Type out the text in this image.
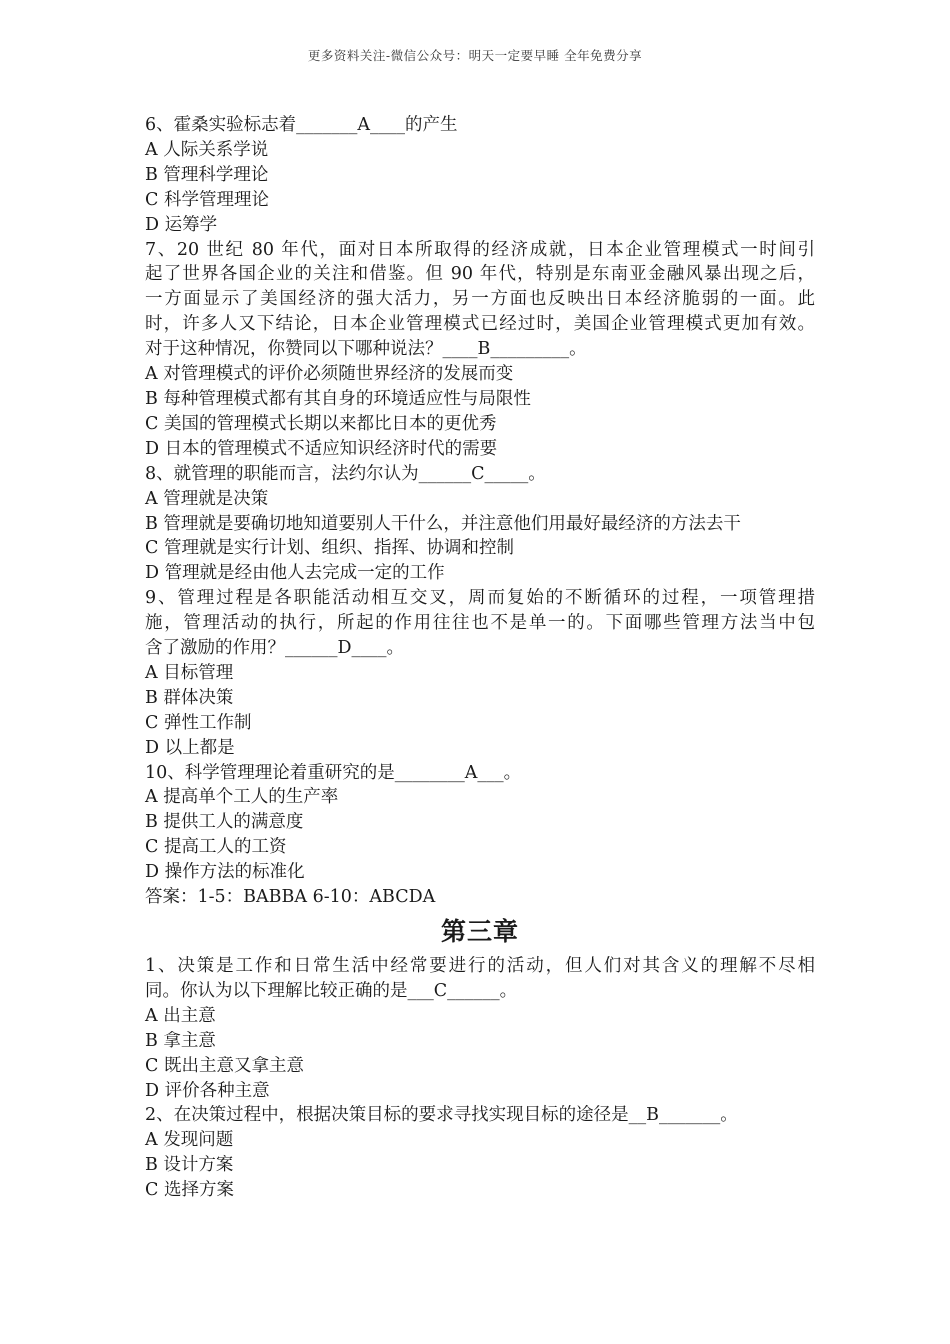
更多资料关注-微信公众号：明天一定要早睡 全年免费分享

6、霍桑实验标志着_______A____的产生

A 人际关系学说

B 管理科学理论

C 科学管理理论

D 运筹学

7、20 世纪 80 年代，面对日本所取得的经济成就，日本企业管理模式一时间引

起了世界各国企业的关注和借鉴。但 90 年代，特别是东南亚金融风暴出现之后，

一方面显示了美国经济的强大活力，另一方面也反映出日本经济脆弱的一面。此

时，许多人又下结论，日本企业管理模式已经过时，美国企业管理模式更加有效。

对于这种情况，你赞同以下哪种说法？____B_________。

A 对管理模式的评价必须随世界经济的发展而变

B 每种管理模式都有其自身的环境适应性与局限性

C 美国的管理模式长期以来都比日本的更优秀

D 日本的管理模式不适应知识经济时代的需要

8、就管理的职能而言，法约尔认为______C_____。

A 管理就是决策

B 管理就是要确切地知道要别人干什么，并注意他们用最好最经济的方法去干

C 管理就是实行计划、组织、指挥、协调和控制

D 管理就是经由他人去完成一定的工作

9、管理过程是各职能活动相互交叉，周而复始的不断循环的过程，一项管理措

施，管理活动的执行，所起的作用往往也不是单一的。下面哪些管理方法当中包

含了激励的作用？______D____。

A 目标管理

B 群体决策

C 弹性工作制

D 以上都是

10、科学管理理论着重研究的是________A___。

A 提高单个工人的生产率

B 提供工人的满意度

C 提高工人的工资

D 操作方法的标准化

答案：1-5：BABBA 6-10：ABCDA

第三章

1、决策是工作和日常生活中经常要进行的活动，但人们对其含义的理解不尽相

同。你认为以下理解比较正确的是___C______。

A 出主意

B 拿主意

C 既出主意又拿主意

D 评价各种主意

2、在决策过程中，根据决策目标的要求寻找实现目标的途径是__B_______。

A 发现问题

B 设计方案

C 选择方案
